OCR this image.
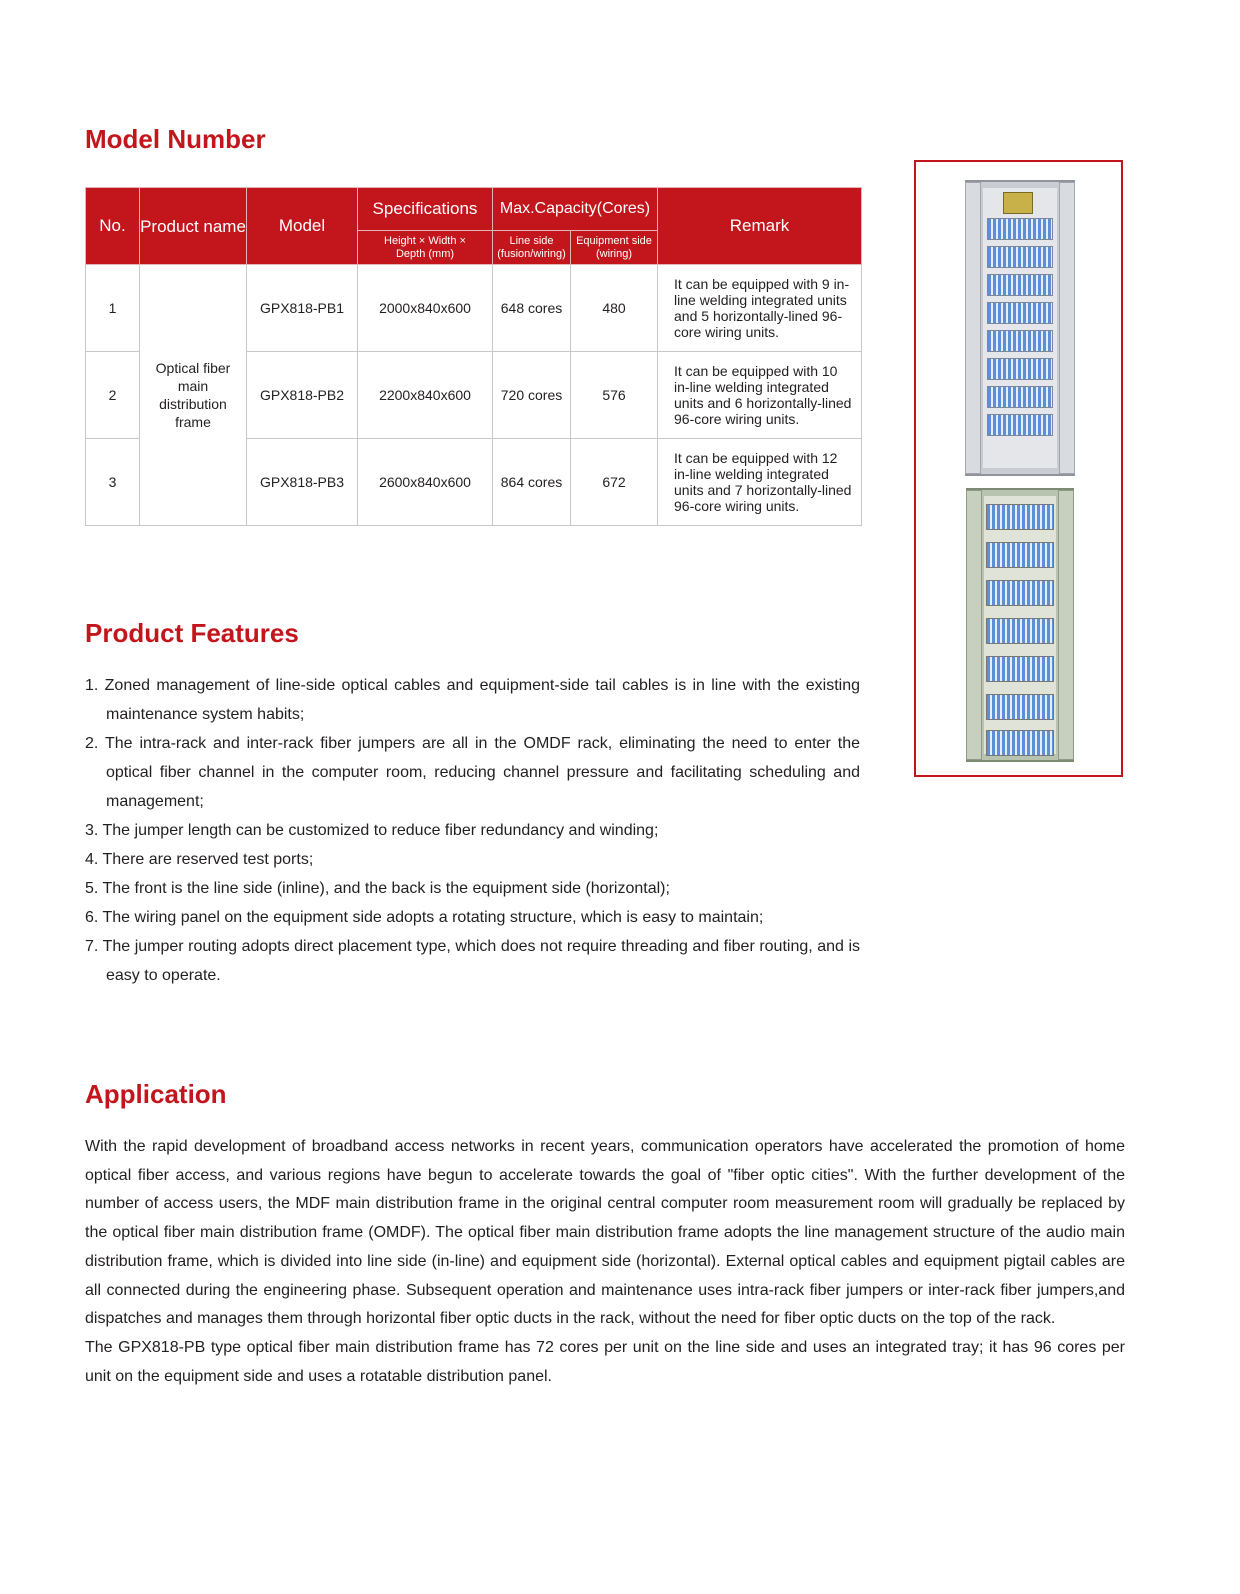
Model Number
No.	Product name	Model	Specifications	Max.Capacity(Cores)		Remark
			Height × Width × Depth (mm)	Line side (fusion/wiring)	Equipment side (wiring)	
1	Optical fiber main distribution frame	GPX818-PB1	2000x840x600	648 cores	480	It can be equipped with 9 in-line welding integrated units and 5 horizontally-lined 96-core wiring units.
2		GPX818-PB2	2200x840x600	720 cores	576	It can be equipped with 10 in-line welding integrated units and 6 horizontally-lined 96-core wiring units.
3		GPX818-PB3	2600x840x600	864 cores	672	It can be equipped with 12 in-line welding integrated units and 7 horizontally-lined 96-core wiring units.
Product Features
1. Zoned management of line-side optical cables and equipment-side tail cables is in line with the existing maintenance system habits;
2. The intra-rack and inter-rack fiber jumpers are all in the OMDF rack, eliminating the need to enter the optical fiber channel in the computer room, reducing channel pressure and facilitating scheduling and management;
3. The jumper length can be customized to reduce fiber redundancy and winding;
4. There are reserved test ports;
5. The front is the line side (inline), and the back is the equipment side (horizontal);
6. The wiring panel on the equipment side adopts a rotating structure, which is easy to maintain;
7. The jumper routing adopts direct placement type, which does not require threading and fiber routing, and is easy to operate.
Application

With the rapid development of broadband access networks in recent years, communication operators have accelerated the promotion of home optical fiber access, and various regions have begun to accelerate towards the goal of "fiber optic cities". With the further development of the number of access users, the MDF main distribution frame in the original central computer room measurement room will gradually be replaced by the optical fiber main distribution frame (OMDF). The optical fiber main distribution frame adopts the line management structure of the audio main distribution frame, which is divided into line side (in-line) and equipment side (horizontal). External optical cables and equipment pigtail cables are all connected during the engineering phase. Subsequent operation and maintenance uses intra-rack fiber jumpers or inter-rack fiber jumpers,and dispatches and manages them through horizontal fiber optic ducts in the rack, without the need for fiber optic ducts on the top of the rack.

The GPX818-PB type optical fiber main distribution frame has 72 cores per unit on the line side and uses an integrated tray; it has 96 cores per unit on the equipment side and uses a rotatable distribution panel.
